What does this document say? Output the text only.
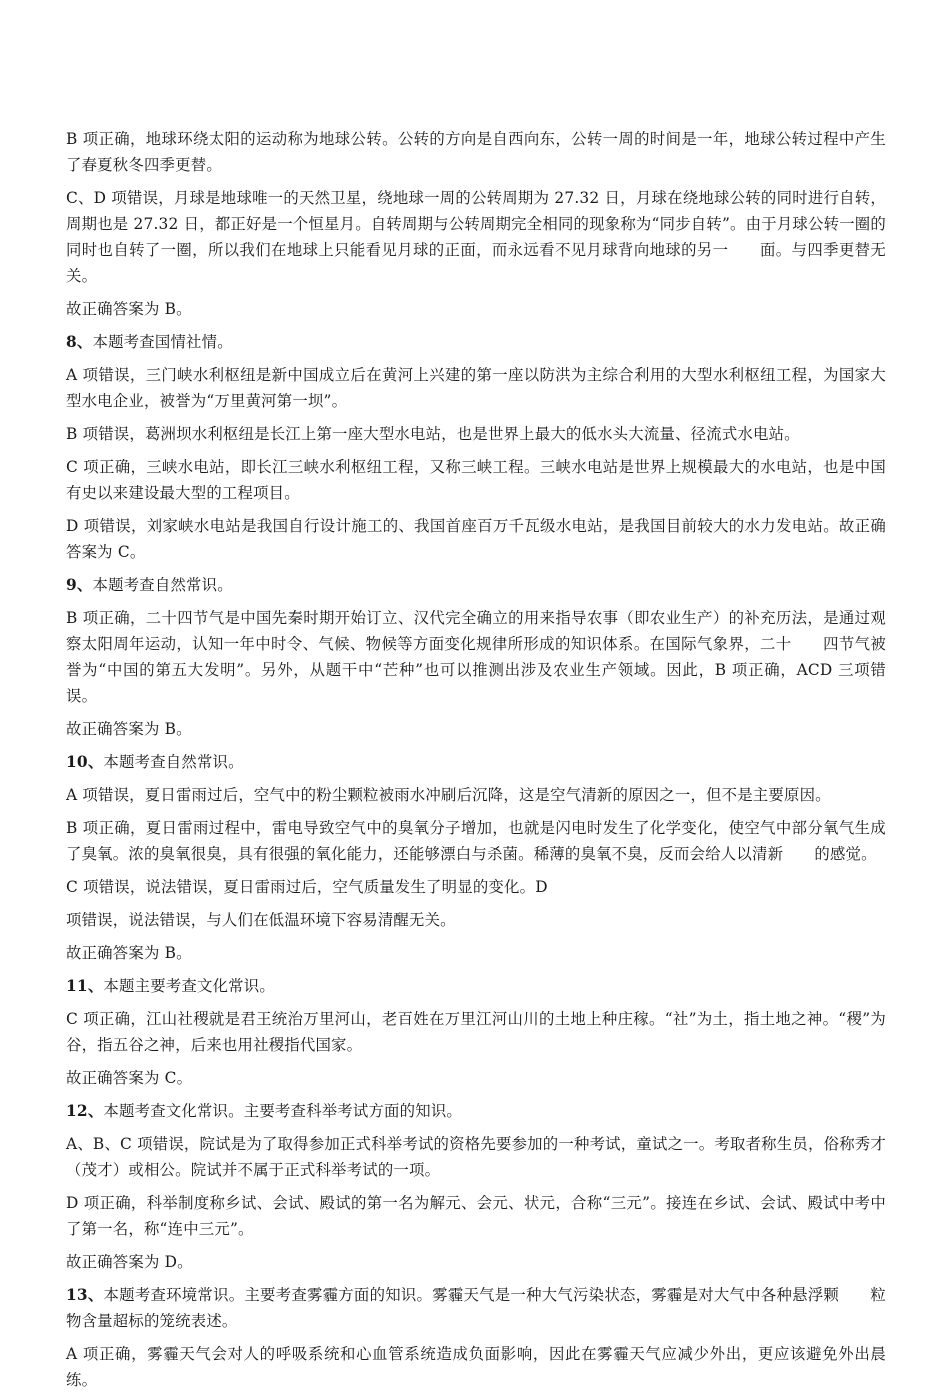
B 项正确，地球环绕太阳的运动称为地球公转。公转的方向是自西向东，公转一周的时间是一年，地球公转过程中产生了春夏秋冬四季更替。

C、D 项错误，月球是地球唯一的天然卫星，绕地球一周的公转周期为 27.32 日，月球在绕地球公转的同时进行自转，周期也是 27.32 日，都正好是一个恒星月。自转周期与公转周期完全相同的现象称为“同步自转”。由于月球公转一圈的同时也自转了一圈，所以我们在地球上只能看见月球的正面，而永远看不见月球背向地球的另一　　面。与四季更替无关。

故正确答案为 B。

8、本题考查国情社情。

A 项错误，三门峡水利枢纽是新中国成立后在黄河上兴建的第一座以防洪为主综合利用的大型水利枢纽工程，为国家大型水电企业，被誉为“万里黄河第一坝”。

B 项错误，葛洲坝水利枢纽是长江上第一座大型水电站，也是世界上最大的低水头大流量、径流式水电站。

C 项正确，三峡水电站，即长江三峡水利枢纽工程，又称三峡工程。三峡水电站是世界上规模最大的水电站，也是中国有史以来建设最大型的工程项目。

D 项错误，刘家峡水电站是我国自行设计施工的、我国首座百万千瓦级水电站，是我国目前较大的水力发电站。故正确答案为 C。

9、本题考查自然常识。

B 项正确，二十四节气是中国先秦时期开始订立、汉代完全确立的用来指导农事（即农业生产）的补充历法，是通过观察太阳周年运动，认知一年中时令、气候、物候等方面变化规律所形成的知识体系。在国际气象界，二十　　四节气被誉为“中国的第五大发明”。另外，从题干中“芒种”也可以推测出涉及农业生产领域。因此，B 项正确，ACD 三项错误。

故正确答案为 B。

10、本题考查自然常识。

A 项错误，夏日雷雨过后，空气中的粉尘颗粒被雨水冲刷后沉降，这是空气清新的原因之一，但不是主要原因。

B 项正确，夏日雷雨过程中，雷电导致空气中的臭氧分子增加，也就是闪电时发生了化学变化，使空气中部分氧气生成了臭氧。浓的臭氧很臭，具有很强的氧化能力，还能够漂白与杀菌。稀薄的臭氧不臭，反而会给人以清新　　的感觉。

C 项错误，说法错误，夏日雷雨过后，空气质量发生了明显的变化。D

项错误，说法错误，与人们在低温环境下容易清醒无关。

故正确答案为 B。

11、本题主要考查文化常识。

C 项正确，江山社稷就是君王统治万里河山，老百姓在万里江河山川的土地上种庄稼。“社”为土，指土地之神。“稷”为谷，指五谷之神，后来也用社稷指代国家。

故正确答案为 C。

12、本题考查文化常识。主要考查科举考试方面的知识。

A、B、C 项错误，院试是为了取得参加正式科举考试的资格先要参加的一种考试，童试之一。考取者称生员，俗称秀才（茂才）或相公。院试并不属于正式科举考试的一项。

D 项正确，科举制度称乡试、会试、殿试的第一名为解元、会元、状元，合称“三元”。接连在乡试、会试、殿试中考中了第一名，称“连中三元”。

故正确答案为 D。

13、本题考查环境常识。主要考查雾霾方面的知识。雾霾天气是一种大气污染状态，雾霾是对大气中各种悬浮颗　　粒物含量超标的笼统表述。

A 项正确，雾霾天气会对人的呼吸系统和心血管系统造成负面影响，因此在雾霾天气应减少外出，更应该避免外出晨练。
